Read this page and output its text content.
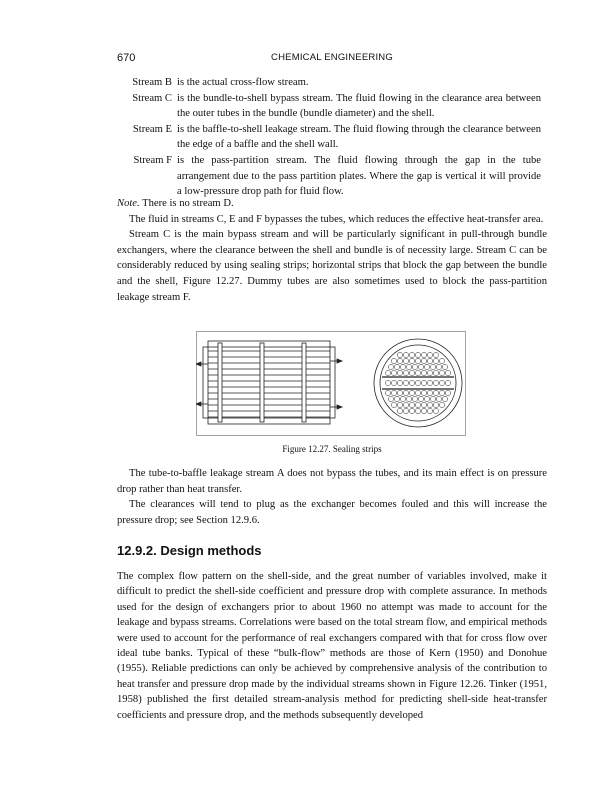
670	CHEMICAL ENGINEERING
Stream B is the actual cross-flow stream.
Stream C is the bundle-to-shell bypass stream. The fluid flowing in the clearance area between the outer tubes in the bundle (bundle diameter) and the shell.
Stream E is the baffle-to-shell leakage stream. The fluid flowing through the clearance between the edge of a baffle and the shell wall.
Stream F is the pass-partition stream. The fluid flowing through the gap in the tube arrangement due to the pass partition plates. Where the gap is vertical it will provide a low-pressure drop path for fluid flow.

Note. There is no stream D.

The fluid in streams C, E and F bypasses the tubes, which reduces the effective heat-transfer area.

Stream C is the main bypass stream and will be particularly significant in pull-through bundle exchangers, where the clearance between the shell and bundle is of necessity large. Stream C can be considerably reduced by using sealing strips; horizontal strips that block the gap between the bundle and the shell, Figure 12.27. Dummy tubes are also sometimes used to block the pass-partition leakage stream F.

Figure 12.27. Sealing strips

The tube-to-baffle leakage stream A does not bypass the tubes, and its main effect is on pressure drop rather than heat transfer.

The clearances will tend to plug as the exchanger becomes fouled and this will increase the pressure drop; see Section 12.9.6.

12.9.2. Design methods

The complex flow pattern on the shell-side, and the great number of variables involved, make it difficult to predict the shell-side coefficient and pressure drop with complete assurance. In methods used for the design of exchangers prior to about 1960 no attempt was made to account for the leakage and bypass streams. Correlations were based on the total stream flow, and empirical methods were used to account for the performance of real exchangers compared with that for cross flow over ideal tube banks. Typical of these “bulk-flow” methods are those of Kern (1950) and Donohue (1955). Reliable predictions can only be achieved by comprehensive analysis of the contribution to heat transfer and pressure drop made by the individual streams shown in Figure 12.26. Tinker (1951, 1958) published the first detailed stream-analysis method for predicting shell-side heat-transfer coefficients and pressure drop, and the methods subsequently developed
